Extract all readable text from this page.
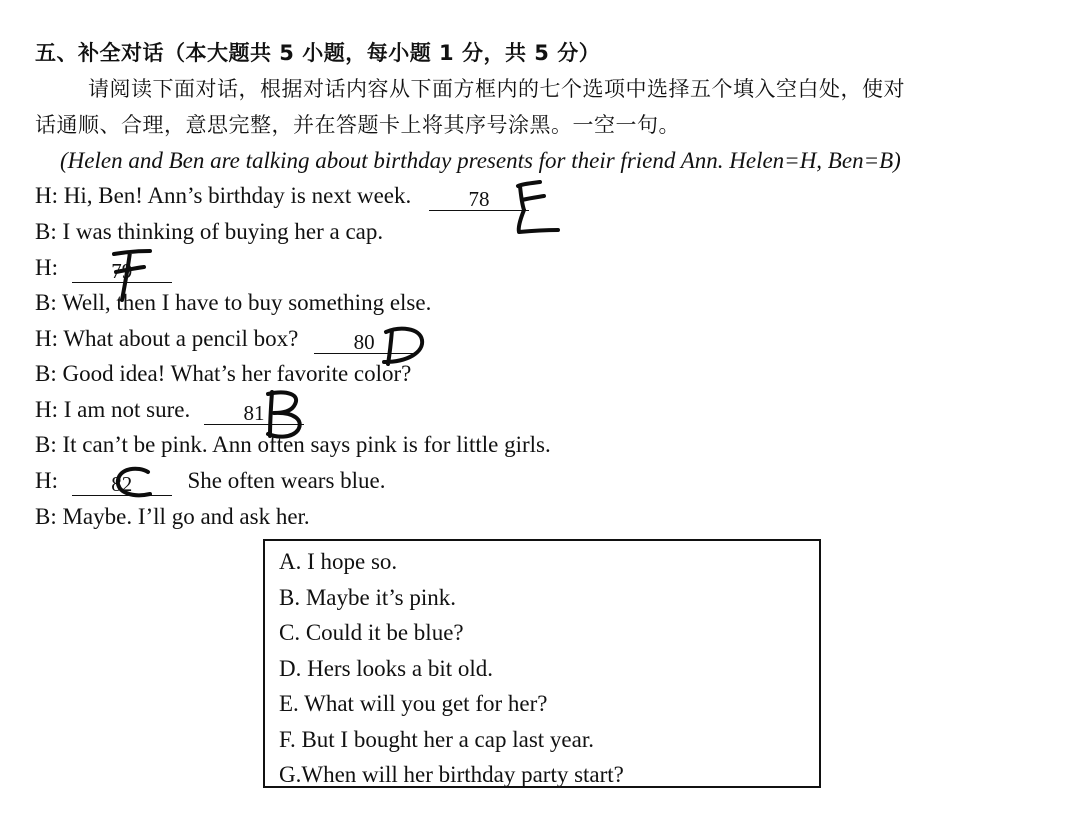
五、补全对话（本大题共 5 小题，每小题 1 分，共 5 分）
请阅读下面对话，根据对话内容从下面方框内的七个选项中选择五个填入空白处，使对
话通顺、合理，意思完整，并在答题卡上将其序号涂黑。一空一句。
(Helen and Ben are talking about birthday presents for their friend Ann. Helen=H, Ben=B)
H: Hi, Ben! Ann’s birthday is next week.	78
B: I was thinking of buying her a cap.
H:	79
B: Well, then I have to buy something else.
H: What about a pencil box?	80
B: Good idea! What’s her favorite color?
H: I am not sure.	81
B: It can’t be pink. Ann often says pink is for little girls.
H:	82 She often wears blue.
B: Maybe. I’ll go and ask her.
A. I hope so.
B. Maybe it’s pink.
C. Could it be blue?
D. Hers looks a bit old.
E. What will you get for her?
F. But I bought her a cap last year.
G.When will her birthday party start?
